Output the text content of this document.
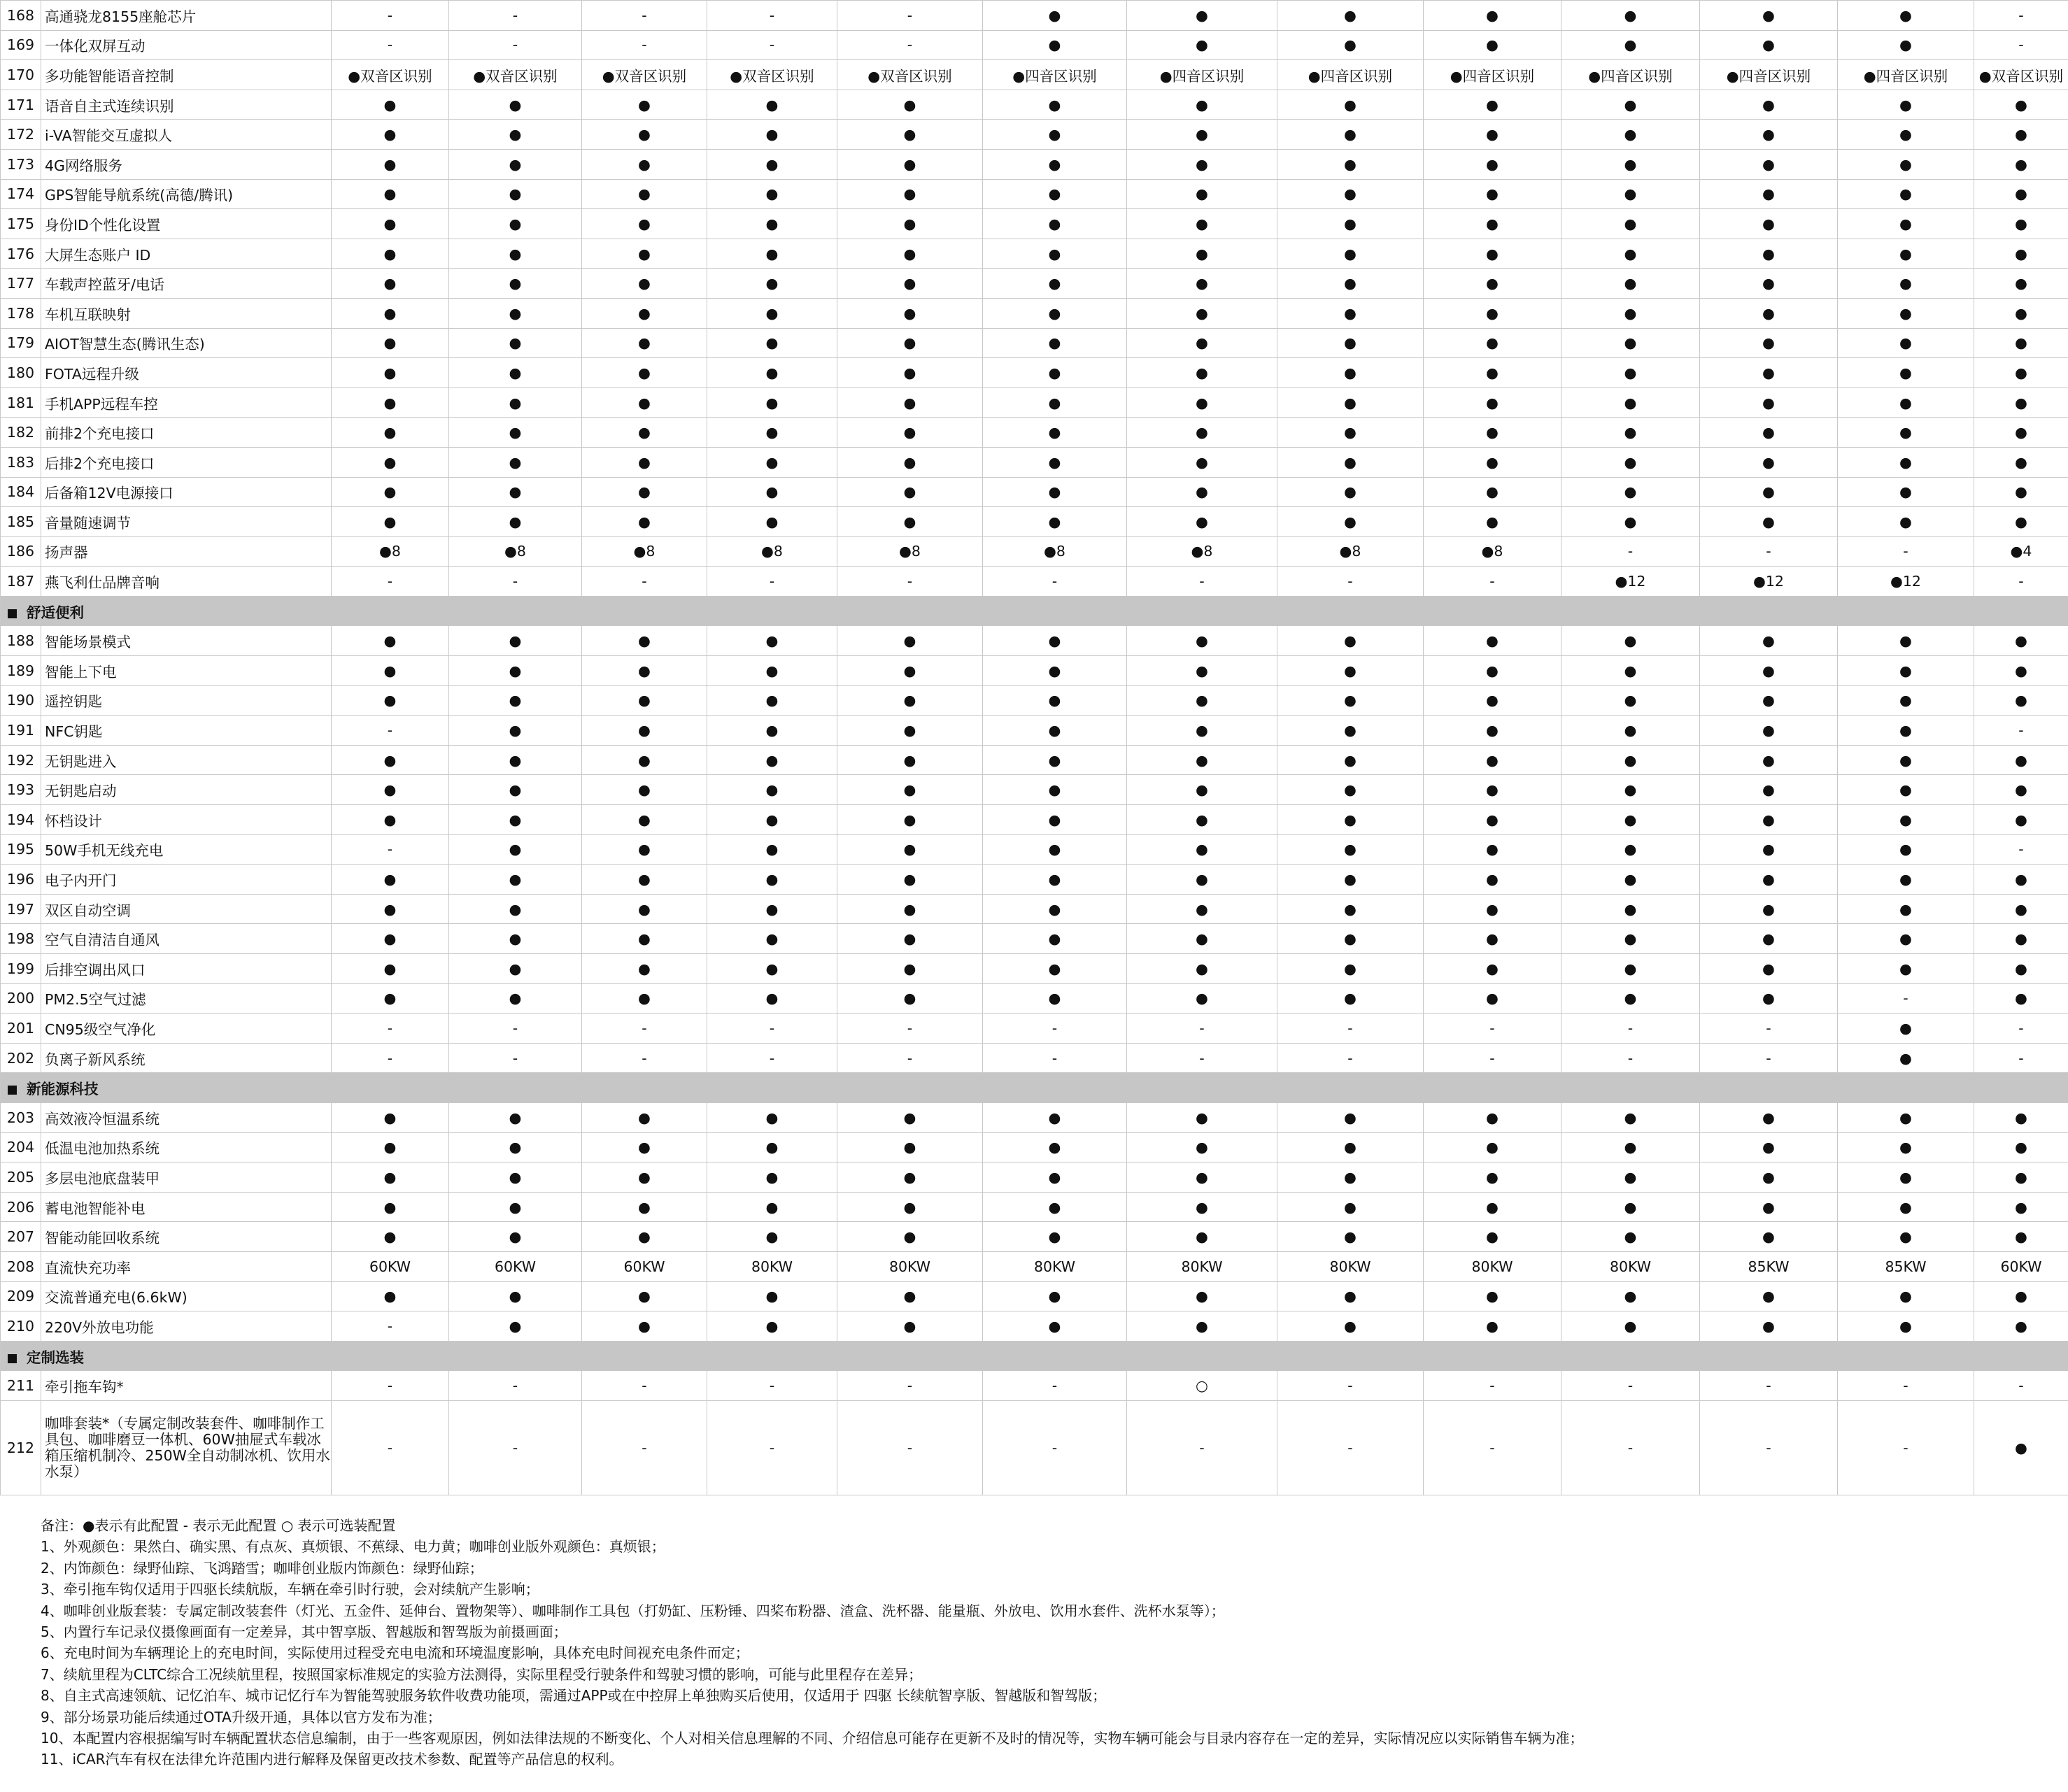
168	高通骁龙8155座舱芯片	-	-	-	-	-	●	●	●	●	●	●	●	-
169	一体化双屏互动	-	-	-	-	-	●	●	●	●	●	●	●	-
170	多功能智能语音控制	●双音区识别	●双音区识别	●双音区识别	●双音区识别	●双音区识别	●四音区识别	●四音区识别	●四音区识别	●四音区识别	●四音区识别	●四音区识别	●四音区识别	●双音区识别
171	语音自主式连续识别	●	●	●	●	●	●	●	●	●	●	●	●	●
172	i-VA智能交互虚拟人	●	●	●	●	●	●	●	●	●	●	●	●	●
173	4G网络服务	●	●	●	●	●	●	●	●	●	●	●	●	●
174	GPS智能导航系统(高德/腾讯)	●	●	●	●	●	●	●	●	●	●	●	●	●
175	身份ID个性化设置	●	●	●	●	●	●	●	●	●	●	●	●	●
176	大屏生态账户 ID	●	●	●	●	●	●	●	●	●	●	●	●	●
177	车载声控蓝牙/电话	●	●	●	●	●	●	●	●	●	●	●	●	●
178	车机互联映射	●	●	●	●	●	●	●	●	●	●	●	●	●
179	AIOT智慧生态(腾讯生态)	●	●	●	●	●	●	●	●	●	●	●	●	●
180	FOTA远程升级	●	●	●	●	●	●	●	●	●	●	●	●	●
181	手机APP远程车控	●	●	●	●	●	●	●	●	●	●	●	●	●
182	前排2个充电接口	●	●	●	●	●	●	●	●	●	●	●	●	●
183	后排2个充电接口	●	●	●	●	●	●	●	●	●	●	●	●	●
184	后备箱12V电源接口	●	●	●	●	●	●	●	●	●	●	●	●	●
185	音量随速调节	●	●	●	●	●	●	●	●	●	●	●	●	●
186	扬声器	●8	●8	●8	●8	●8	●8	●8	●8	●8	-	-	-	●4
187	燕飞利仕品牌音响	-	-	-	-	-	-	-	-	-	●12	●12	●12	-
舒适便利														
188	智能场景模式	●	●	●	●	●	●	●	●	●	●	●	●	●
189	智能上下电	●	●	●	●	●	●	●	●	●	●	●	●	●
190	遥控钥匙	●	●	●	●	●	●	●	●	●	●	●	●	●
191	NFC钥匙	-	●	●	●	●	●	●	●	●	●	●	●	-
192	无钥匙进入	●	●	●	●	●	●	●	●	●	●	●	●	●
193	无钥匙启动	●	●	●	●	●	●	●	●	●	●	●	●	●
194	怀档设计	●	●	●	●	●	●	●	●	●	●	●	●	●
195	50W手机无线充电	-	●	●	●	●	●	●	●	●	●	●	●	-
196	电子内开门	●	●	●	●	●	●	●	●	●	●	●	●	●
197	双区自动空调	●	●	●	●	●	●	●	●	●	●	●	●	●
198	空气自清洁自通风	●	●	●	●	●	●	●	●	●	●	●	●	●
199	后排空调出风口	●	●	●	●	●	●	●	●	●	●	●	●	●
200	PM2.5空气过滤	●	●	●	●	●	●	●	●	●	●	●	-	●
201	CN95级空气净化	-	-	-	-	-	-	-	-	-	-	-	●	-
202	负离子新风系统	-	-	-	-	-	-	-	-	-	-	-	●	-
新能源科技														
203	高效液冷恒温系统	●	●	●	●	●	●	●	●	●	●	●	●	●
204	低温电池加热系统	●	●	●	●	●	●	●	●	●	●	●	●	●
205	多层电池底盘装甲	●	●	●	●	●	●	●	●	●	●	●	●	●
206	蓄电池智能补电	●	●	●	●	●	●	●	●	●	●	●	●	●
207	智能动能回收系统	●	●	●	●	●	●	●	●	●	●	●	●	●
208	直流快充功率	60KW	60KW	60KW	80KW	80KW	80KW	80KW	80KW	80KW	80KW	85KW	85KW	60KW
209	交流普通充电(6.6kW)	●	●	●	●	●	●	●	●	●	●	●	●	●
210	220V外放电功能	-	●	●	●	●	●	●	●	●	●	●	●	●
定制选装														
211	牵引拖车钩*	-	-	-	-	-	-	○	-	-	-	-	-	-
212	咖啡套装*（专属定制改装套件、咖啡制作工具包、咖啡磨豆一体机、60W抽屉式车载冰箱压缩机制冷、250W全自动制冰机、饮用水水泵）	-	-	-	-	-	-	-	-	-	-	-	-	●
备注：●表示有此配置 - 表示无此配置 ○ 表示可选装配置
1、外观颜色：果然白、确实黑、有点灰、真烦银、不蕉绿、电力黄；咖啡创业版外观颜色：真烦银；
2、内饰颜色：绿野仙踪、飞鸿踏雪；咖啡创业版内饰颜色：绿野仙踪；
3、牵引拖车钩仅适用于四驱长续航版，车辆在牵引时行驶，会对续航产生影响；
4、咖啡创业版套装：专属定制改装套件（灯光、五金件、延伸台、置物架等）、咖啡制作工具包（打奶缸、压粉锤、四桨布粉器、渣盒、洗杯器、能量瓶、外放电、饮用水套件、洗杯水泵等）；
5、内置行车记录仪摄像画面有一定差异，其中智享版、智越版和智驾版为前摄画面；
6、充电时间为车辆理论上的充电时间，实际使用过程受充电电流和环境温度影响，具体充电时间视充电条件而定；
7、续航里程为CLTC综合工况续航里程，按照国家标准规定的实验方法测得，实际里程受行驶条件和驾驶习惯的影响，可能与此里程存在差异；
8、自主式高速领航、记忆泊车、城市记忆行车为智能驾驶服务软件收费功能项，需通过APP或在中控屏上单独购买后使用，仅适用于 四驱 长续航智享版、智越版和智驾版；
9、部分场景功能后续通过OTA升级开通，具体以官方发布为准；
10、本配置内容根据编写时车辆配置状态信息编制，由于一些客观原因，例如法律法规的不断变化、个人对相关信息理解的不同、介绍信息可能存在更新不及时的情况等，实物车辆可能会与目录内容存在一定的差异，实际情况应以实际销售车辆为准；
11、iCAR汽车有权在法律允许范围内进行解释及保留更改技术参数、配置等产品信息的权利。
